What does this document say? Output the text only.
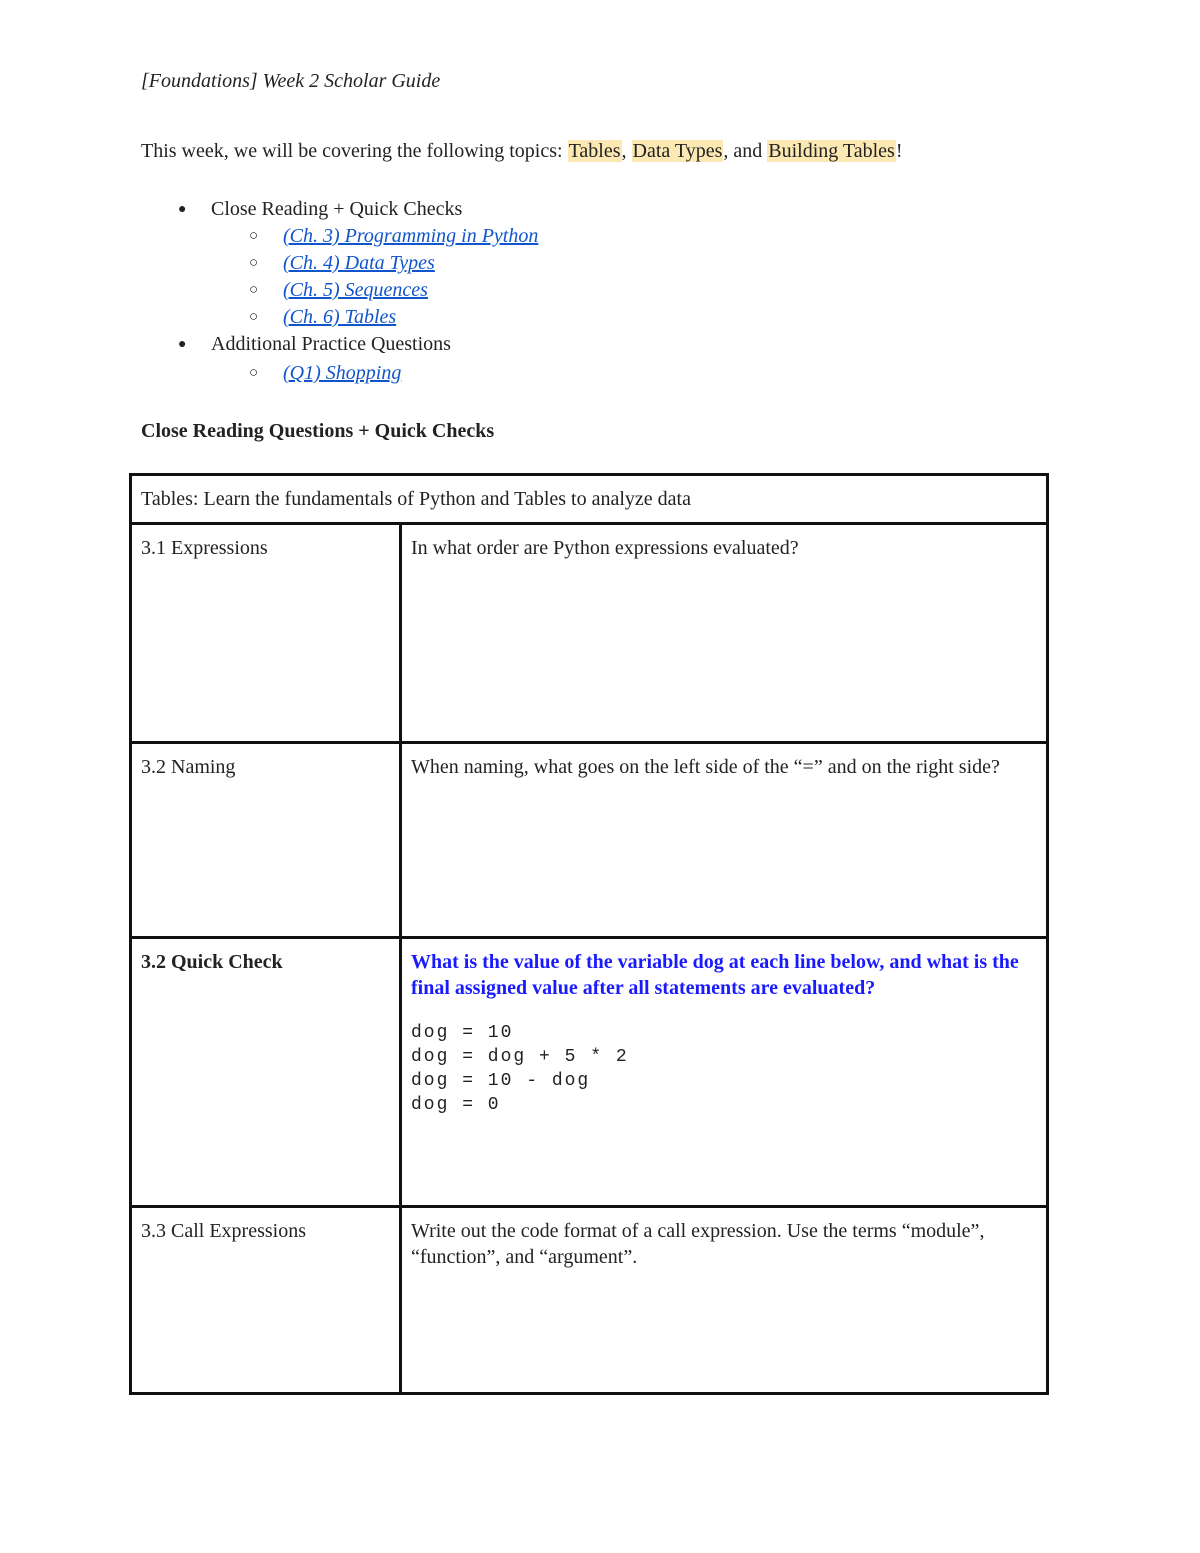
[Foundations] Week 2 Scholar Guide
This week, we will be covering the following topics: Tables, Data Types, and Building Tables!
● Close Reading + Quick Checks
○ (Ch. 3) Programming in Python
○ (Ch. 4) Data Types
○ (Ch. 5) Sequences
○ (Ch. 6) Tables
● Additional Practice Questions
○ (Q1) Shopping
Close Reading Questions + Quick Checks
Tables: Learn the fundamentals of Python and Tables to analyze data	
3.1 Expressions	In what order are Python expressions evaluated?
3.2 Naming	When naming, what goes on the left side of the “=” and on the right side?
3.2 Quick Check	What is the value of the variable dog at each line below, and what is the final assigned value after all statements are evaluated?
dog = 10
dog = dog + 5 * 2
dog = 10 - dog
dog = 0

3.3 Call Expressions	Write out the code format of a call expression. Use the terms “module”, “function”, and “argument”.
